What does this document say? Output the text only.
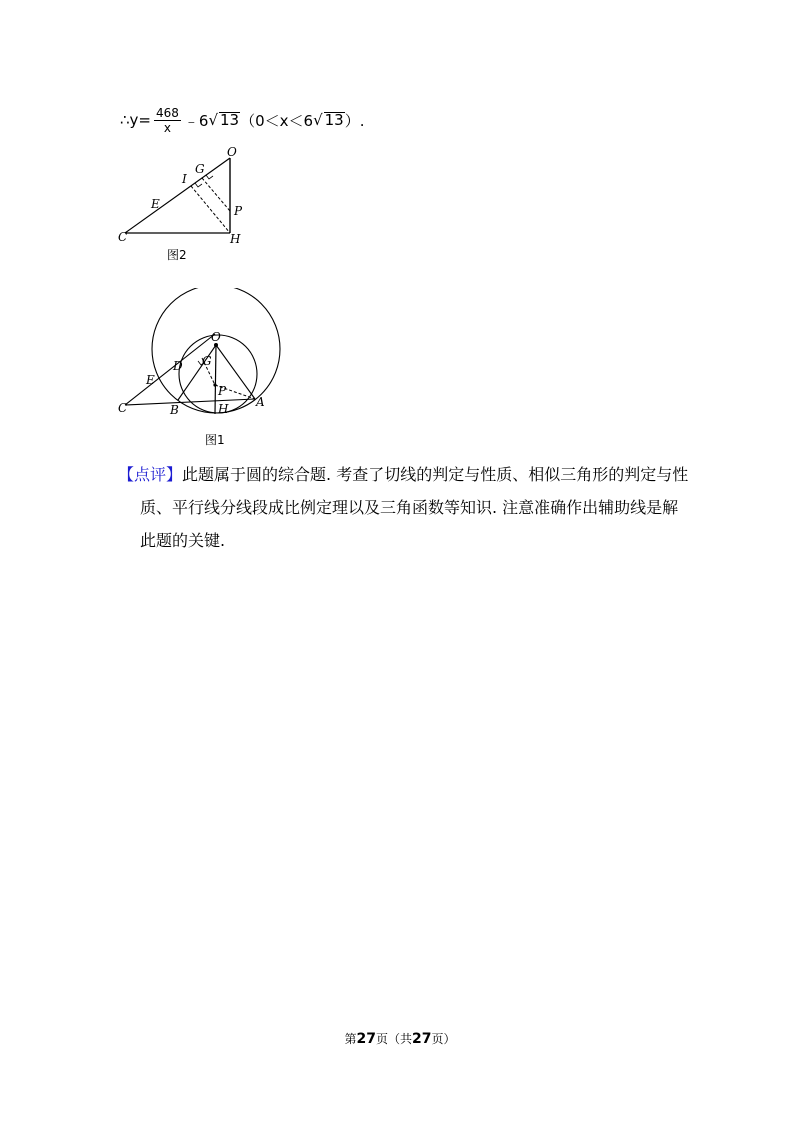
∴y= $\frac{468}{x}$ ﹣6 √ 13 （0＜x＜6 √ 13 ）.
O
G
I
E	P
C	H
图2
O
D G
E
P
C	B	H A
图1
【点评】此题属于圆的综合题. 考查了切线的判定与性质、相似三角形的判定与性
质、平行线分线段成比例定理以及三角函数等知识. 注意准确作出辅助线是解
此题的关键.
第27页（共27页）
